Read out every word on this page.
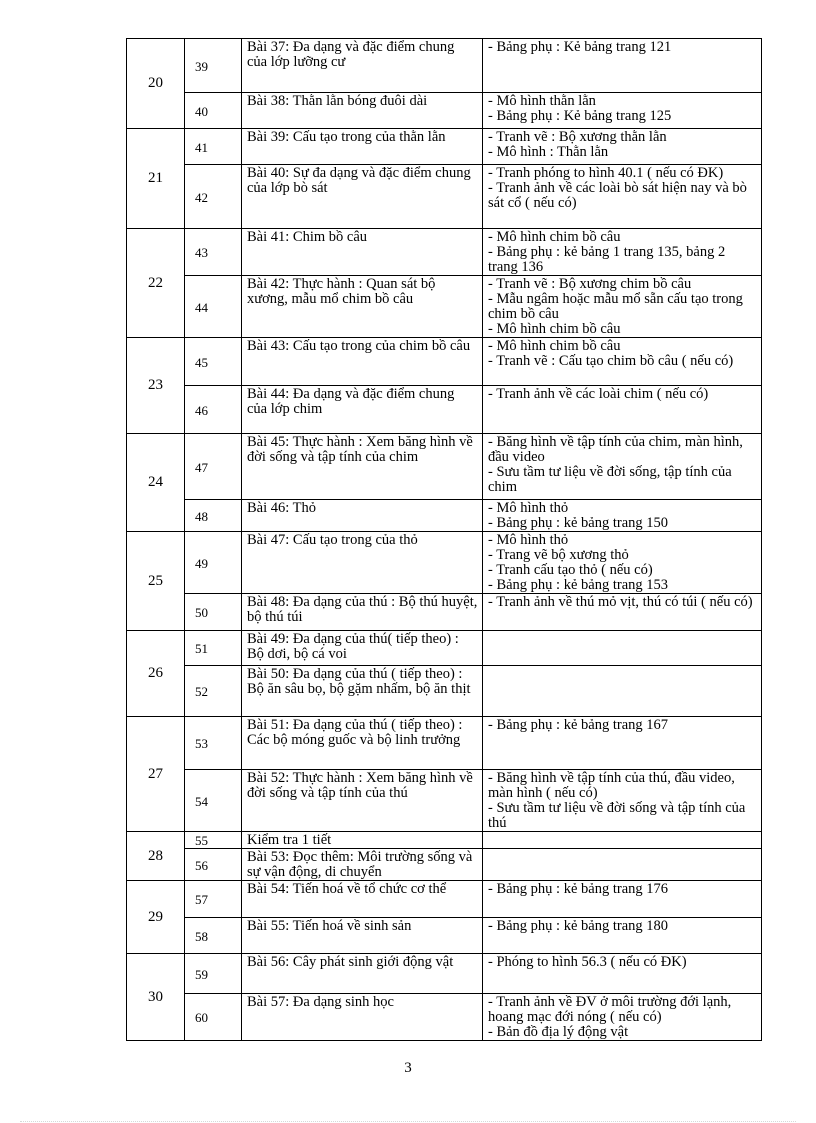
20	39	Bài 37: Đa dạng và đặc điểm chung của lớp lưỡng cư	- Bảng phụ : Kẻ bảng trang 121

	40	Bài 38: Thằn lằn bóng đuôi dài	- Mô hình thằn lằn
- Bảng phụ : Kẻ bảng trang 125

21	41	Bài 39: Cấu tạo trong của thằn lằn	- Tranh vẽ : Bộ xương thằn lằn
- Mô hình : Thằn lằn

	42	Bài 40: Sự đa dạng và đặc điểm chung của lớp bò sát	- Tranh phóng to hình 40.1 ( nếu có ĐK)
- Tranh ảnh về các loài bò sát hiện nay và bò sát cổ ( nếu có)

22	43	Bài 41: Chim bồ câu	- Mô hình chim bồ câu
- Bảng phụ : kẻ bảng 1 trang 135, bảng 2 trang 136

	44	Bài 42: Thực hành : Quan sát bộ xương, mẫu mổ chim bồ câu	- Tranh vẽ : Bộ xương chim bồ câu
- Mẫu ngâm hoặc mẫu mổ sẵn cấu tạo trong chim bồ câu
- Mô hình chim bồ câu

23	45	Bài 43: Cấu tạo trong của chim bồ câu	- Mô hình chim bồ câu
- Tranh vẽ : Cấu tạo chim bồ câu ( nếu có)

	46	Bài 44: Đa dạng và đặc điểm chung của lớp chim	- Tranh ảnh về các loài chim ( nếu có)

24	47	Bài 45: Thực hành : Xem băng hình về đời sống và tập tính của chim	- Băng hình về tập tính của chim, màn hình, đầu video
- Sưu tầm tư liệu về đời sống, tập tính của chim

	48	Bài 46: Thỏ	- Mô hình thỏ
- Bảng phụ : kẻ bảng trang 150

25	49	Bài 47: Cấu tạo trong của thỏ	- Mô hình thỏ
- Trang vẽ bộ xương thỏ
- Tranh cấu tạo thỏ ( nếu có)
- Bảng phụ : kẻ bảng trang 153

	50	Bài 48: Đa dạng của thú : Bộ thú huyệt, bộ thú túi	- Tranh ảnh về thú mỏ vịt, thú có túi ( nếu có)

26	51	Bài 49: Đa dạng của thú( tiếp theo) : Bộ dơi, bộ cá voi	
	52	Bài 50: Đa dạng của thú ( tiếp theo) : Bộ ăn sâu bọ, bộ gặm nhấm, bộ ăn thịt	
27	53	Bài 51: Đa dạng của thú ( tiếp theo) : Các bộ móng guốc và bộ linh trưởng	- Bảng phụ : kẻ bảng trang 167

	54	Bài 52: Thực hành : Xem băng hình về đời sống và tập tính của thú	- Băng hình về tập tính của thú, đầu video, màn hình ( nếu có)
- Sưu tầm tư liệu về đời sống và tập tính của thú

28	55	Kiểm tra 1 tiết	
	56	Bài 53: Đọc thêm: Môi trường sống và sự vận động, di chuyển	
29	57	Bài 54: Tiến hoá về tổ chức cơ thể	- Bảng phụ : kẻ bảng trang 176

	58	Bài 55: Tiến hoá về sinh sản	- Bảng phụ : kẻ bảng trang 180

30	59	Bài 56: Cây phát sinh giới động vật	- Phóng to hình 56.3 ( nếu có ĐK)

	60	Bài 57: Đa dạng sinh học	- Tranh ảnh về ĐV ở môi trường đới lạnh, hoang mạc đới nóng ( nếu có)
- Bản đồ địa lý động vật
3
